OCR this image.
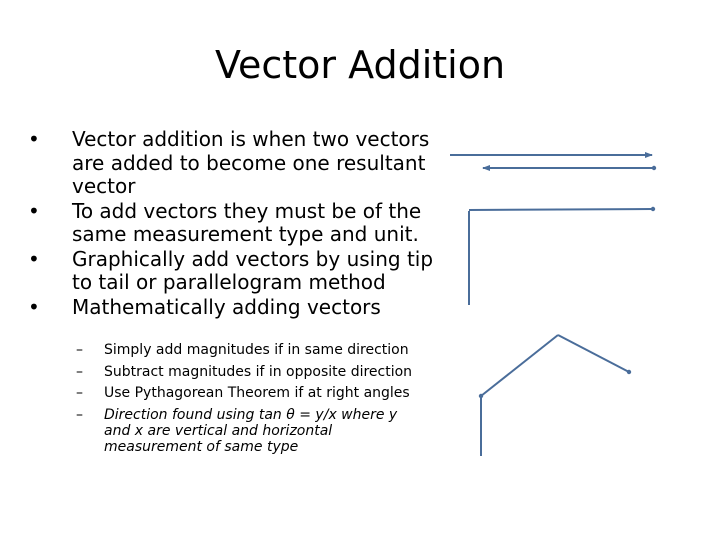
Vector Addition
•	Vector addition is when two vectors are added to become one resultant vector
•	To add vectors they must be of the same measurement type and unit.
•	Graphically add vectors by using tip to tail or parallelogram method
•	Mathematically adding vectors
– Simply add magnitudes if in same direction
– Subtract magnitudes if in opposite direction
– Use Pythagorean Theorem if at right angles
– Direction found using tan θ = y/x where y and x are vertical and horizontal measurement of same type
